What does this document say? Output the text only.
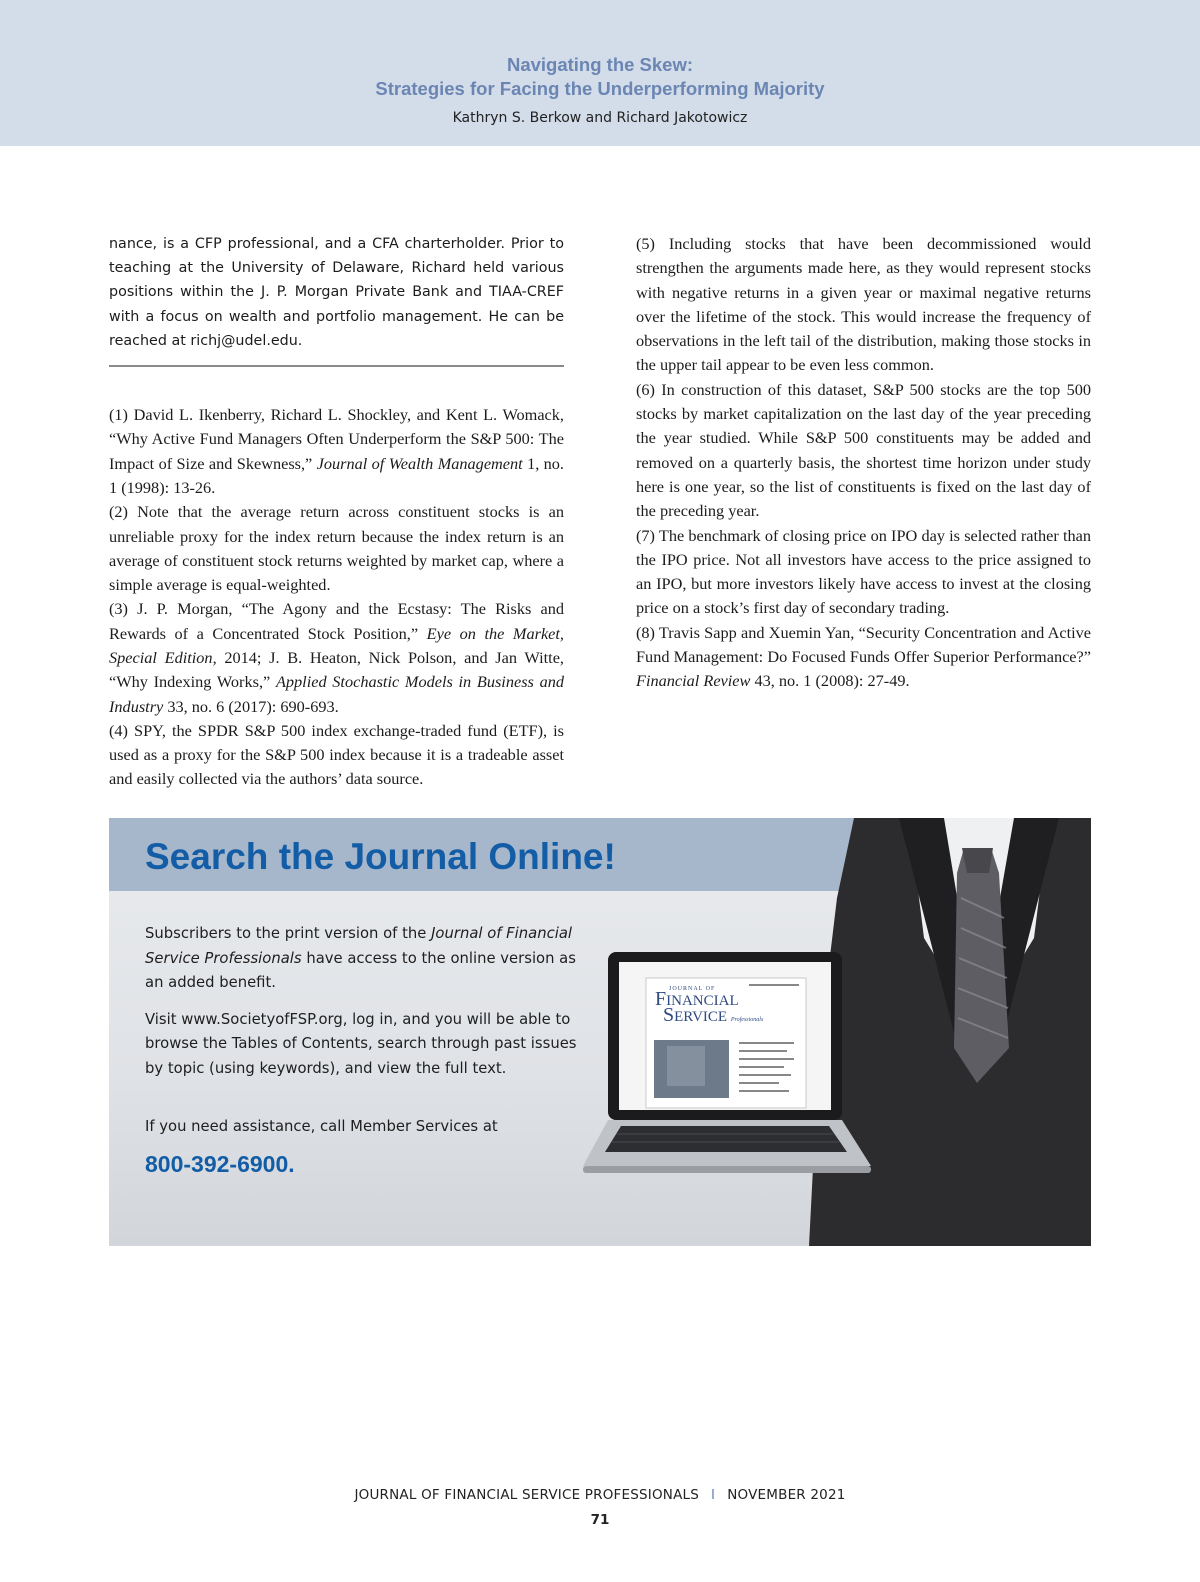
Navigating the Skew:
Strategies for Facing the Underperforming Majority
Kathryn S. Berkow and Richard Jakotowicz

nance, is a CFP professional, and a CFA charterholder. Prior to teaching at the University of Delaware, Richard held various positions within the J. P. Morgan Private Bank and TIAA-CREF with a focus on wealth and portfolio management. He can be reached at richj@udel.edu.

(1) David L. Ikenberry, Richard L. Shockley, and Kent L. Womack, “Why Active Fund Managers Often Underperform the S&P 500: The Impact of Size and Skewness,” Journal of Wealth Management 1, no. 1 (1998): 13-26.

(2) Note that the average return across constituent stocks is an unreliable proxy for the index return because the index return is an average of constituent stock returns weighted by market cap, where a simple average is equal-weighted.

(3) J. P. Morgan, “The Agony and the Ecstasy: The Risks and Rewards of a Concentrated Stock Position,” Eye on the Market, Special Edition, 2014; J. B. Heaton, Nick Polson, and Jan Witte, “Why Indexing Works,” Applied Stochastic Models in Business and Industry 33, no. 6 (2017): 690-693.

(4) SPY, the SPDR S&P 500 index exchange-traded fund (ETF), is used as a proxy for the S&P 500 index because it is a tradeable asset and easily collected via the authors’ data source.

(5) Including stocks that have been decommissioned would strengthen the arguments made here, as they would represent stocks with negative returns in a given year or maximal negative returns over the lifetime of the stock. This would increase the frequency of observations in the left tail of the distribution, making those stocks in the upper tail appear to be even less common.

(6) In construction of this dataset, S&P 500 stocks are the top 500 stocks by market capitalization on the last day of the year preceding the year studied. While S&P 500 constituents may be added and removed on a quarterly basis, the shortest time horizon under study here is one year, so the list of constituents is fixed on the last day of the preceding year.

(7) The benchmark of closing price on IPO day is selected rather than the IPO price. Not all investors have access to the price assigned to an IPO, but more investors likely have access to invest at the closing price on a stock’s first day of secondary trading.

(8) Travis Sapp and Xuemin Yan, “Security Concentration and Active Fund Management: Do Focused Funds Offer Superior Performance?” Financial Review 43, no. 1 (2008): 27-49.

Search the Journal Online!
JOURNAL OF
FINANCIAL
SERVICE Professionals

Subscribers to the print version of the Journal of Financial Service Professionals have access to the online version as an added benefit.

Visit www.SocietyofFSP.org, log in, and you will be able to browse the Tables of Contents, search through past issues by topic (using keywords), and view the full text.

If you need assistance, call Member Services at

800-392-6900.
JOURNAL OF FINANCIAL SERVICE PROFESSIONALS I NOVEMBER 2021
71
